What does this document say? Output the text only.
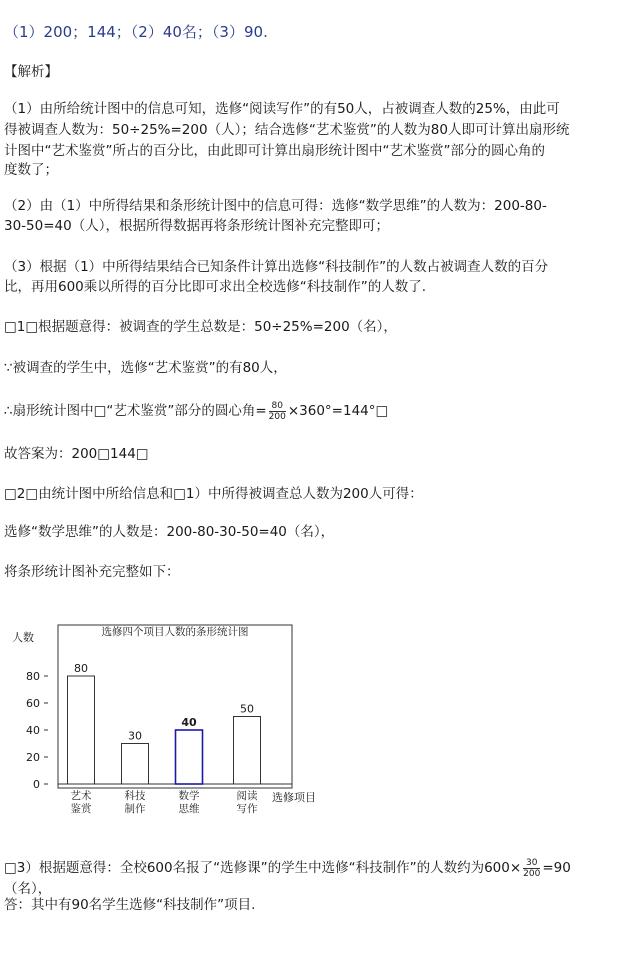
（1）200；144；（2）40名；（3）90.
【解析】
（1）由所给统计图中的信息可知，选修“阅读写作”的有50人，占被调查人数的25%，由此可
得被调查人数为：50÷25%=200（人）；结合选修“艺术鉴赏”的人数为80人即可计算出扇形统
计图中“艺术鉴赏”所占的百分比，由此即可计算出扇形统计图中“艺术鉴赏”部分的圆心角的
度数了；
（2）由（1）中所得结果和条形统计图中的信息可得：选修“数学思维”的人数为：200-80-
30-50=40（人），根据所得数据再将条形统计图补充完整即可；
（3）根据（1）中所得结果结合已知条件计算出选修“科技制作”的人数占被调查人数的百分
比，再用600乘以所得的百分比即可求出全校选修“科技制作”的人数了.
□1□根据题意得：被调查的学生总数是：50÷25%=200（名），
∵被调查的学生中，选修“艺术鉴赏”的有80人，
∴扇形统计图中□“艺术鉴赏”部分的圆心角= $\frac{80}{200}$ ×360°=144°□
故答案为：200□144□
□2□由统计图中所给信息和□1）中所得被调查总人数为200人可得：
选修“数学思维”的人数是：200-80-30-50=40（名），
将条形统计图补充完整如下：
选修四个项目人数的条形统计图
人数
选修项目
0
20
40
60
80
80
艺术
鉴赏
30
科技
制作
40
数学
思维
50
阅读
写作
□3）根据题意得：全校600名报了“选修课”的学生中选修“科技制作”的人数约为$600\times \frac{30}{200} =90$
（名），
答：其中有90名学生选修“科技制作”项目.
